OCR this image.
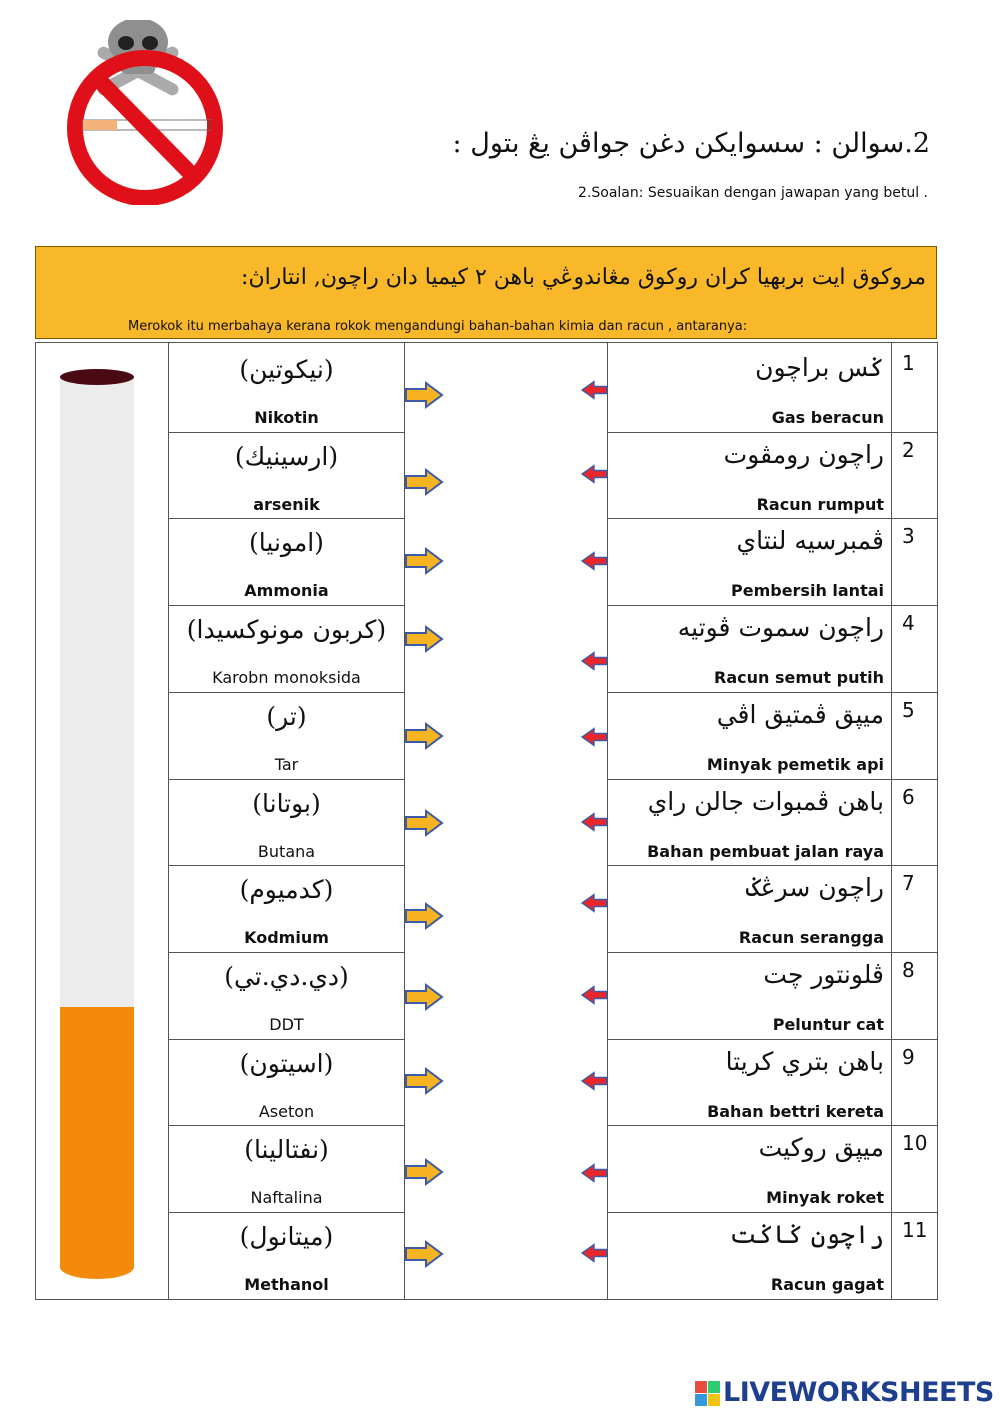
2.سوالن : سسوايكن دغن جواڤن يڠ بتول :
2.Soalan: Sesuaikan dengan jawapan yang betul .
مروكوق ايت بربهيا كران روكوق مڠاندوڠي باهن ٢ كيميا دان راچون, انتاراڽ:
Merokok itu merbahaya kerana rokok mengandungi bahan-bahan kimia dan racun , antaranya:
1
ݢس براچون
Gas beracun
(نيكوتين)
Nikotin
2
راچون رومڤوت
Racun rumput
(ارسينيك)
arsenik
3
ڤمبرسيه لنتاي
Pembersih lantai
(امونيا)
Ammonia
4
راچون سموت ڤوتيه
Racun semut putih
(كربون مونوكسيدا)
Karobn monoksida
5
ميڽق ڤمتيق اڤي
Minyak pemetik api
(تر)
Tar
6
باهن ڤمبوات جالن راي
Bahan pembuat jalan raya
(بوتانا)
Butana
7
راچون سرڠݢ
Racun serangga
(كدميوم)
Kodmium
8
ڤلونتور چت
Peluntur cat
(دي.دي.تي)
DDT
9
باهن بتري كريتا
Bahan bettri kereta
(اسيتون)
Aseton
10
ميڽق روكيت
Minyak roket
(نفتالينا)
Naftalina
11
راچون ݢاݢت
Racun gagat
(ميتانول)
Methanol
LIVEWORKSHEETS
